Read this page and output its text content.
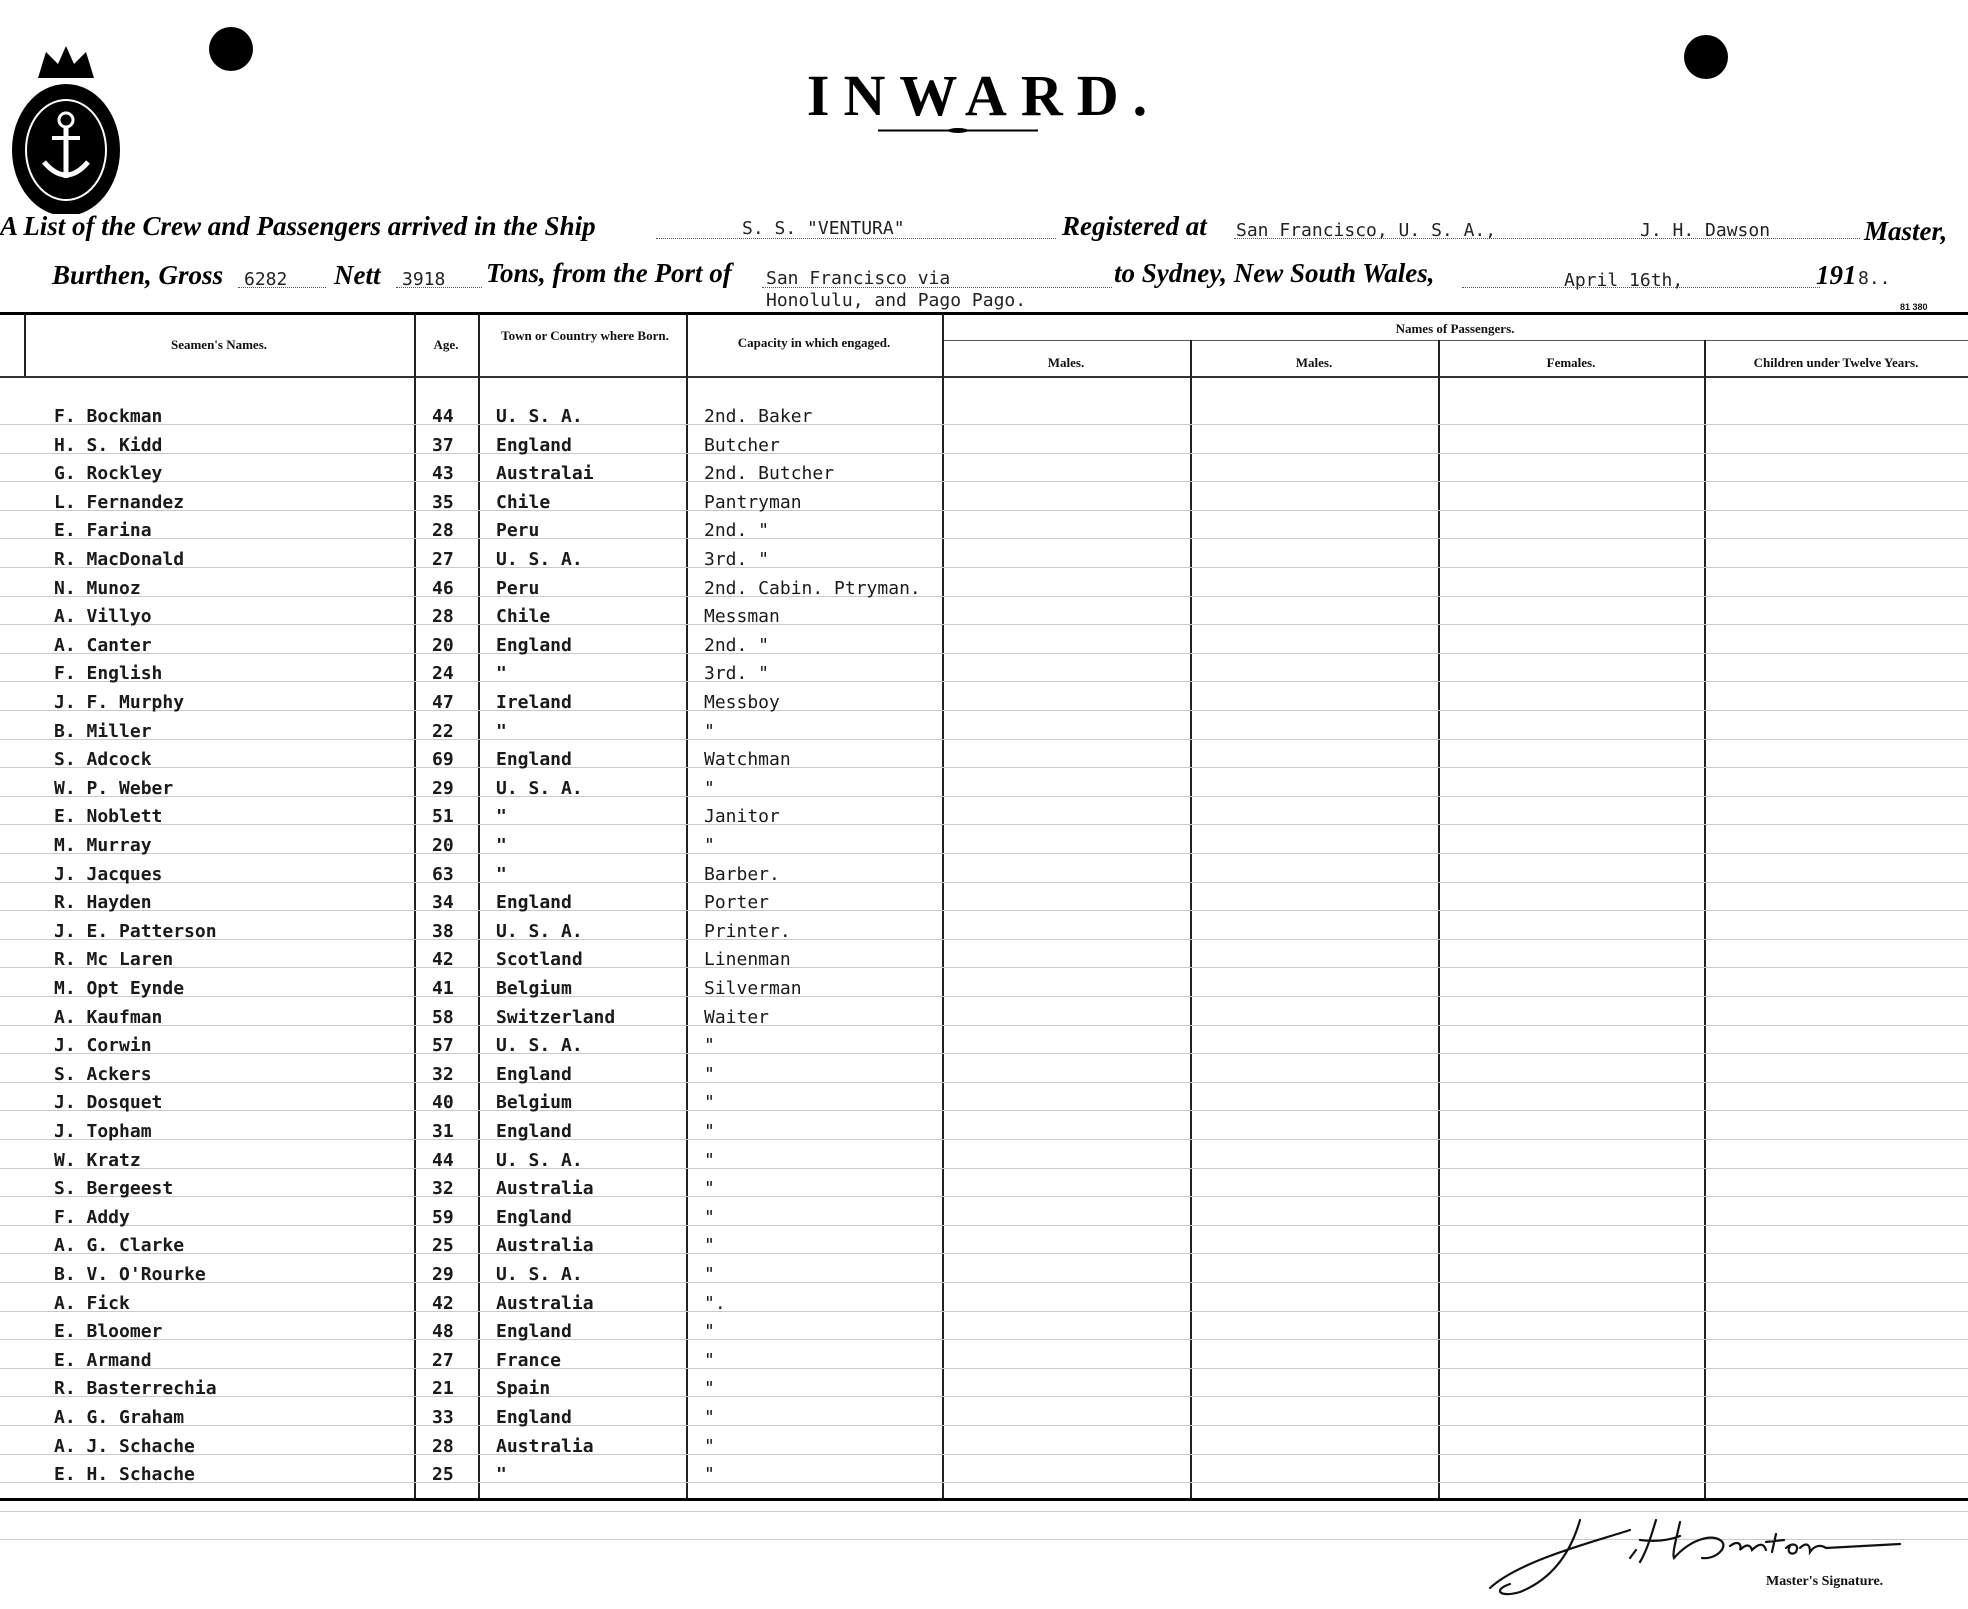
INWARD.
A List of the Crew and Passengers arrived in the Ship	S. S. "VENTURA"	Registered at San Francisco, U. S. A.,	J. H. Dawson	Master,
Burthen, Gross 6282 Nett 3918 Tons, from the Port of San Francisco via
Honolulu, and Pago Pago.
to Sydney, New South Wales,	April 16th,	191 8..
81 380
Seamen's Names.	Age.
Town or Country where Born.	Capacity in which engaged.
Names of Passengers.
Males.	Males.	Females.	Children under Twelve Years.
F. Bockman	44 U. S. A.	2nd. Baker
H. S. Kidd	37 England	Butcher
G. Rockley	43 Australai	2nd. Butcher
L. Fernandez	35 Chile	Pantryman
E. Farina	28 Peru	2nd. "
R. MacDonald	27 U. S. A.	3rd. "
N. Munoz	46 Peru	2nd. Cabin. Ptryman.
A. Villyo	28 Chile	Messman
A. Canter	20 England	2nd. "
F. English	24 "	3rd. "
J. F. Murphy	47 Ireland	Messboy
B. Miller	22 "	"
S. Adcock	69 England	Watchman
W. P. Weber	29 U. S. A.	"
E. Noblett	51 "	Janitor
M. Murray	20 "	"
J. Jacques	63 "	Barber.
R. Hayden	34 England	Porter
J. E. Patterson	38 U. S. A.	Printer.
R. Mc Laren	42 Scotland	Linenman
M. Opt Eynde	41 Belgium	Silverman
A. Kaufman	58 Switzerland	Waiter
J. Corwin	57 U. S. A.	"
S. Ackers	32 England	"
J. Dosquet	40 Belgium	"
J. Topham	31 England	"
W. Kratz	44 U. S. A.	"
S. Bergeest	32 Australia	"
F. Addy	59 England	"
A. G. Clarke	25 Australia	"
B. V. O'Rourke	29 U. S. A.	"
A. Fick	42 Australia	".
E. Bloomer	48 England	"
E. Armand	27 France	"
R. Basterrechia	21 Spain	"
A. G. Graham	33 England	"
A. J. Schache	28 Australia	"
E. H. Schache	25 "	"
Master's Signature.
